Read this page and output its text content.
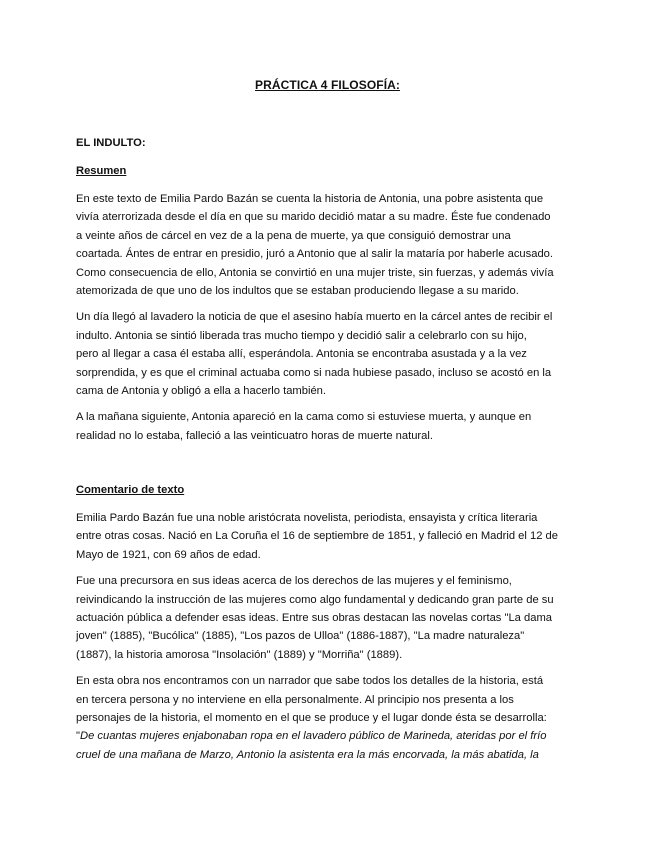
PRÁCTICA 4 FILOSOFÍA:
EL INDULTO:
Resumen
En este texto de Emilia Pardo Bazán se cuenta la historia de Antonia, una pobre asistenta que
vivía aterrorizada desde el día en que su marido decidió matar a su madre. Éste fue condenado
a veinte años de cárcel en vez de a la pena de muerte, ya que consiguió demostrar una
coartada. Ántes de entrar en presidio, juró a Antonio que al salir la mataría por haberle acusado.
Como consecuencia de ello, Antonia se convirtió en una mujer triste, sin fuerzas, y además vivía
atemorizada de que uno de los indultos que se estaban produciendo llegase a su marido.
Un día llegó al lavadero la noticia de que el asesino había muerto en la cárcel antes de recibir el
indulto. Antonia se sintió liberada tras mucho tiempo y decidió salir a celebrarlo con su hijo,
pero al llegar a casa él estaba allí, esperándola. Antonia se encontraba asustada y a la vez
sorprendida, y es que el criminal actuaba como si nada hubiese pasado, incluso se acostó en la
cama de Antonia y obligó a ella a hacerlo también.
A la mañana siguiente, Antonia apareció en la cama como si estuviese muerta, y aunque en
realidad no lo estaba, falleció a las veinticuatro horas de muerte natural.
Comentario de texto
Emilia Pardo Bazán fue una noble aristócrata novelista, periodista, ensayista y crítica literaria
entre otras cosas. Nació en La Coruña el 16 de septiembre de 1851, y falleció en Madrid el 12 de
Mayo de 1921, con 69 años de edad.
Fue una precursora en sus ideas acerca de los derechos de las mujeres y el feminismo,
reivindicando la instrucción de las mujeres como algo fundamental y dedicando gran parte de su
actuación pública a defender esas ideas. Entre sus obras destacan las novelas cortas "La dama
joven" (1885), "Bucólica" (1885), "Los pazos de Ulloa" (1886-1887), "La madre naturaleza"
(1887), la historia amorosa "Insolación" (1889) y "Morriña" (1889).
En esta obra nos encontramos con un narrador que sabe todos los detalles de la historia, está
en tercera persona y no interviene en ella personalmente. Al principio nos presenta a los
personajes de la historia, el momento en el que se produce y el lugar donde ésta se desarrolla:
"De cuantas mujeres enjabonaban ropa en el lavadero público de Marineda, ateridas por el frío
cruel de una mañana de Marzo, Antonio la asistenta era la más encorvada, la más abatida, la
